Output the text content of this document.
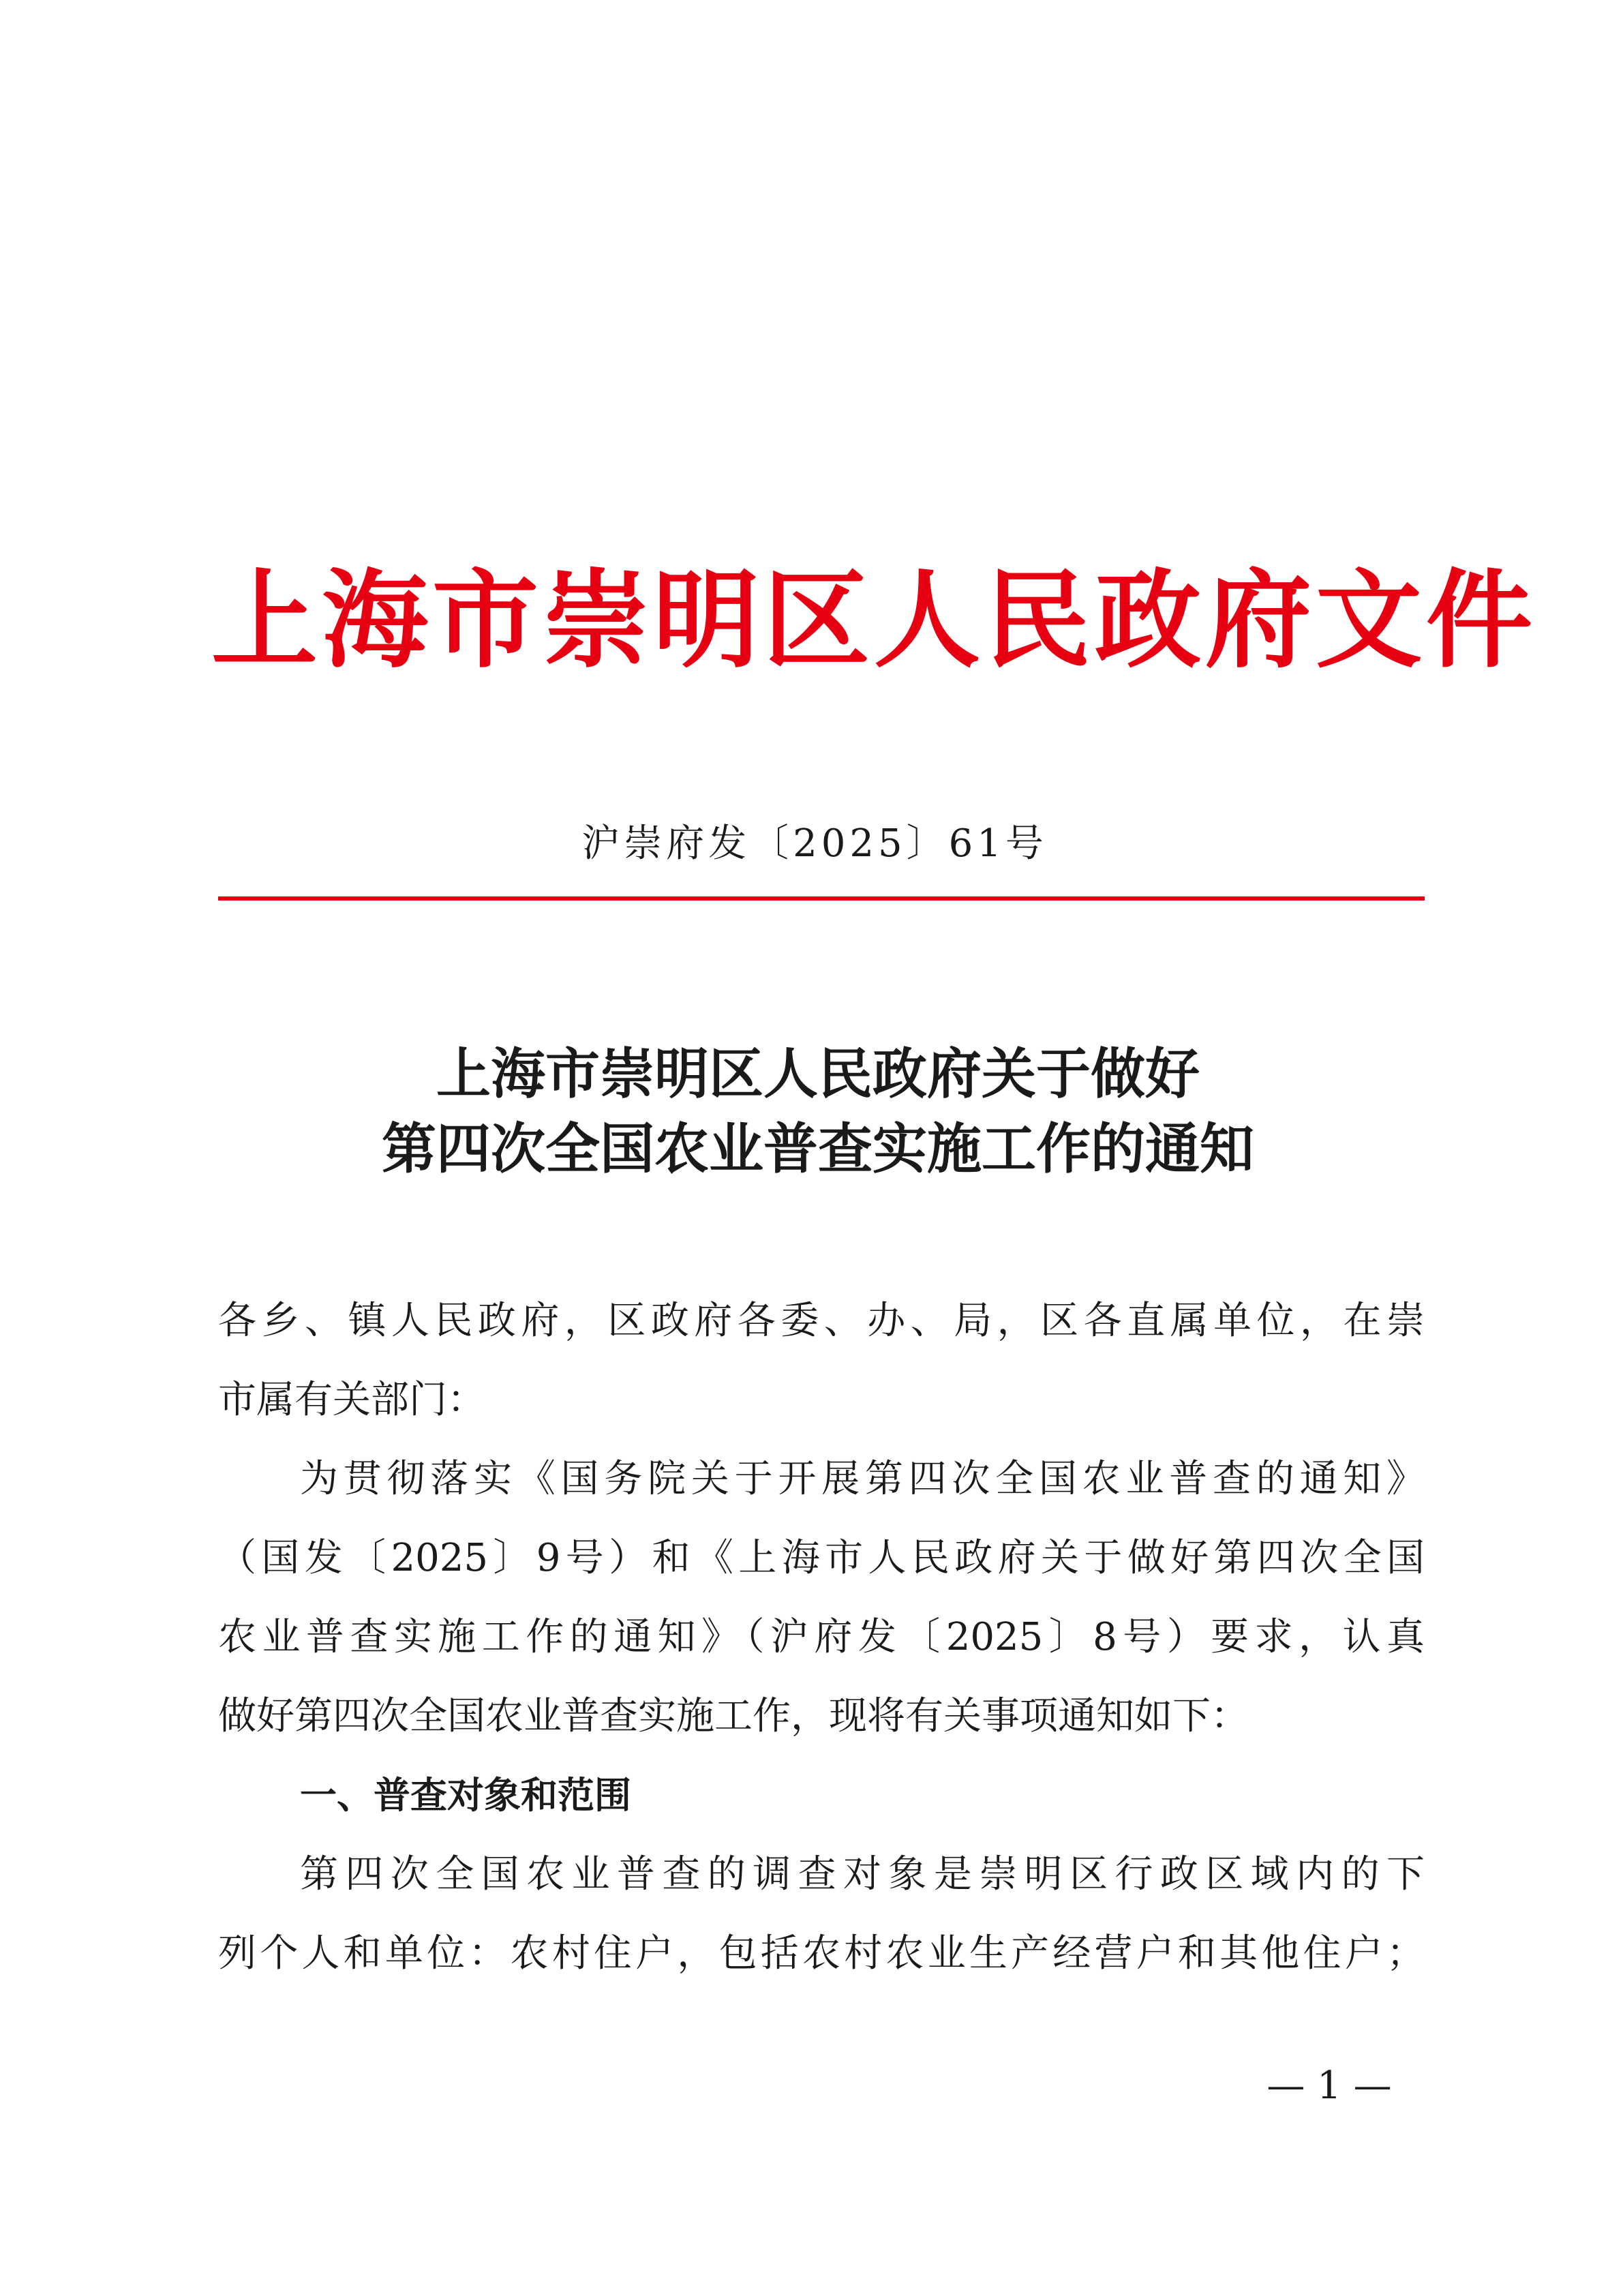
上海市崇明区人民政府文件
沪崇府发〔2025〕61号
上海市崇明区人民政府关于做好
第四次全国农业普查实施工作的通知
各乡、镇人民政府，区政府各委、办、局，区各直属单位，在崇
市属有关部门：
为贯彻落实《国务院关于开展第四次全国农业普查的通知》
（国发〔2025〕9号）和《上海市人民政府关于做好第四次全国
农业普查实施工作的通知》（沪府发〔2025〕8号）要求，认真
做好第四次全国农业普查实施工作，现将有关事项通知如下：
一、普查对象和范围
第四次全国农业普查的调查对象是崇明区行政区域内的下
列个人和单位：农村住户，包括农村农业生产经营户和其他住户；
— 1 —
